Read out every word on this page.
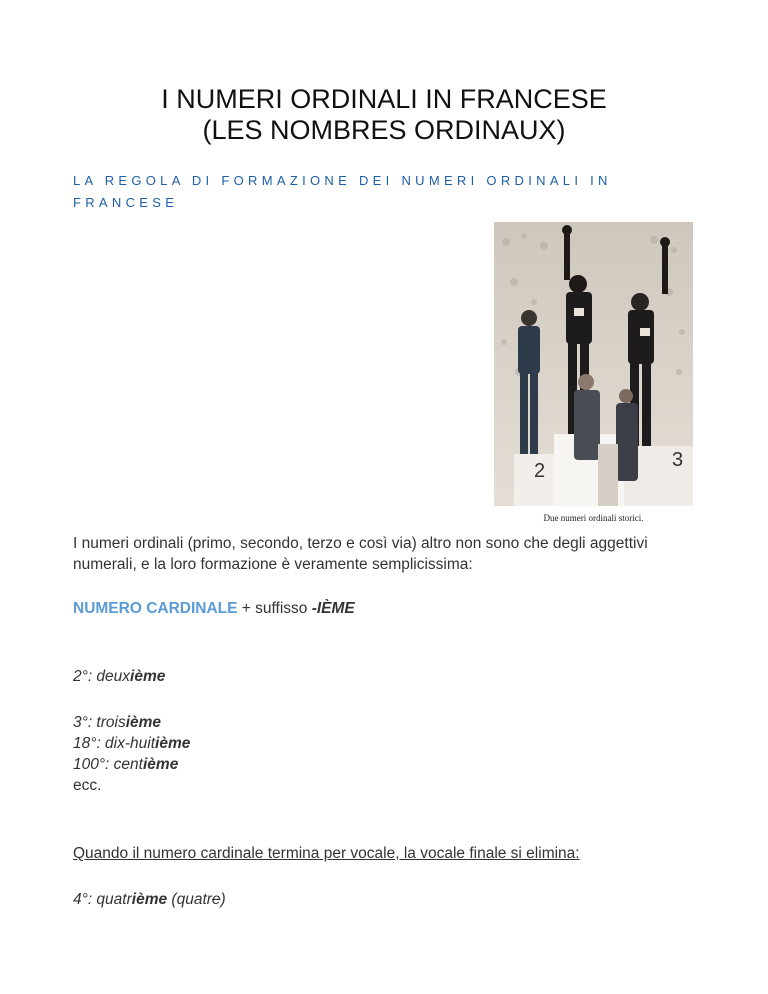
I NUMERI ORDINALI IN FRANCESE
(LES NOMBRES ORDINAUX)
LA REGOLA DI FORMAZIONE DEI NUMERI ORDINALI IN FRANCESE
2	3
Due numeri ordinali storici.
I numeri ordinali (primo, secondo, terzo e così via) altro non sono che degli aggettivi numerali, e la loro formazione è veramente semplicissima:
NUMERO CARDINALE + suffisso -IÈME
2°: deuxième
3°: troisième
18°: dix-huitième
100°: centième
ecc.
Quando il numero cardinale termina per vocale, la vocale finale si elimina:
4°: quatrième (quatre)
